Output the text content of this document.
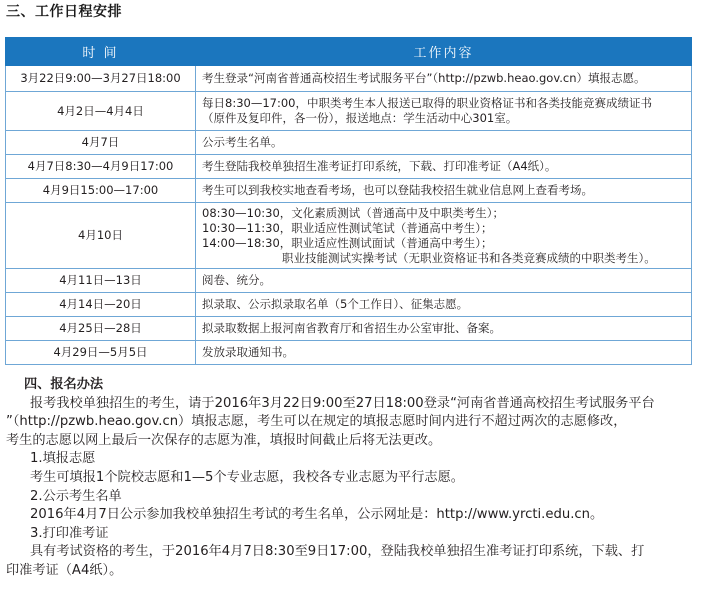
三、工作日程安排
时 间	工作内容
3月22日9:00—3月27日18:00	考生登录“河南省普通高校招生考试服务平台”（http://pzwb.heao.gov.cn）填报志愿。
4月2日—4月4日	每日8:30—17:00，中职类考生本人报送已取得的职业资格证书和各类技能竞赛成绩证书
（原件及复印件，各一份），报送地点：学生活动中心301室。

4月7日	公示考生名单。
4月7日8:30—4月9日17:00	考生登陆我校单独招生准考证打印系统，下载、打印准考证（A4纸）。
4月9日15:00—17:00	考生可以到我校实地查看考场，也可以登陆我校招生就业信息网上查看考场。
4月10日	08:30—10:30，文化素质测试（普通高中及中职类考生）；
10:30—11:30，职业适应性测试笔试（普通高中考生）；
14:00—18:30，职业适应性测试面试（普通高中考生）；
职业技能测试实操考试（无职业资格证书和各类竞赛成绩的中职类考生）。

4月11日—13日	阅卷、统分。
4月14日—20日	拟录取、公示拟录取名单（5个工作日）、征集志愿。
4月25日—28日	拟录取数据上报河南省教育厅和省招生办公室审批、备案。
4月29日—5月5日	发放录取通知书。
四、报名办法

报考我校单独招生的考生，请于2016年3月22日9:00至27日18:00登录“河南省普通高校招生考试服务平台
”（http://pzwb.heao.gov.cn）填报志愿，考生可以在规定的填报志愿时间内进行不超过两次的志愿修改，
考生的志愿以网上最后一次保存的志愿为准，填报时间截止后将无法更改。

1.填报志愿

考生可填报1个院校志愿和1—5个专业志愿，我校各专业志愿为平行志愿。

2.公示考生名单

2016年4月7日公示参加我校单独招生考试的考生名单，公示网址是：http://www.yrcti.edu.cn。

3.打印准考证

具有考试资格的考生，于2016年4月7日8:30至9日17:00，登陆我校单独招生准考证打印系统，下载、打

印准考证（A4纸）。
